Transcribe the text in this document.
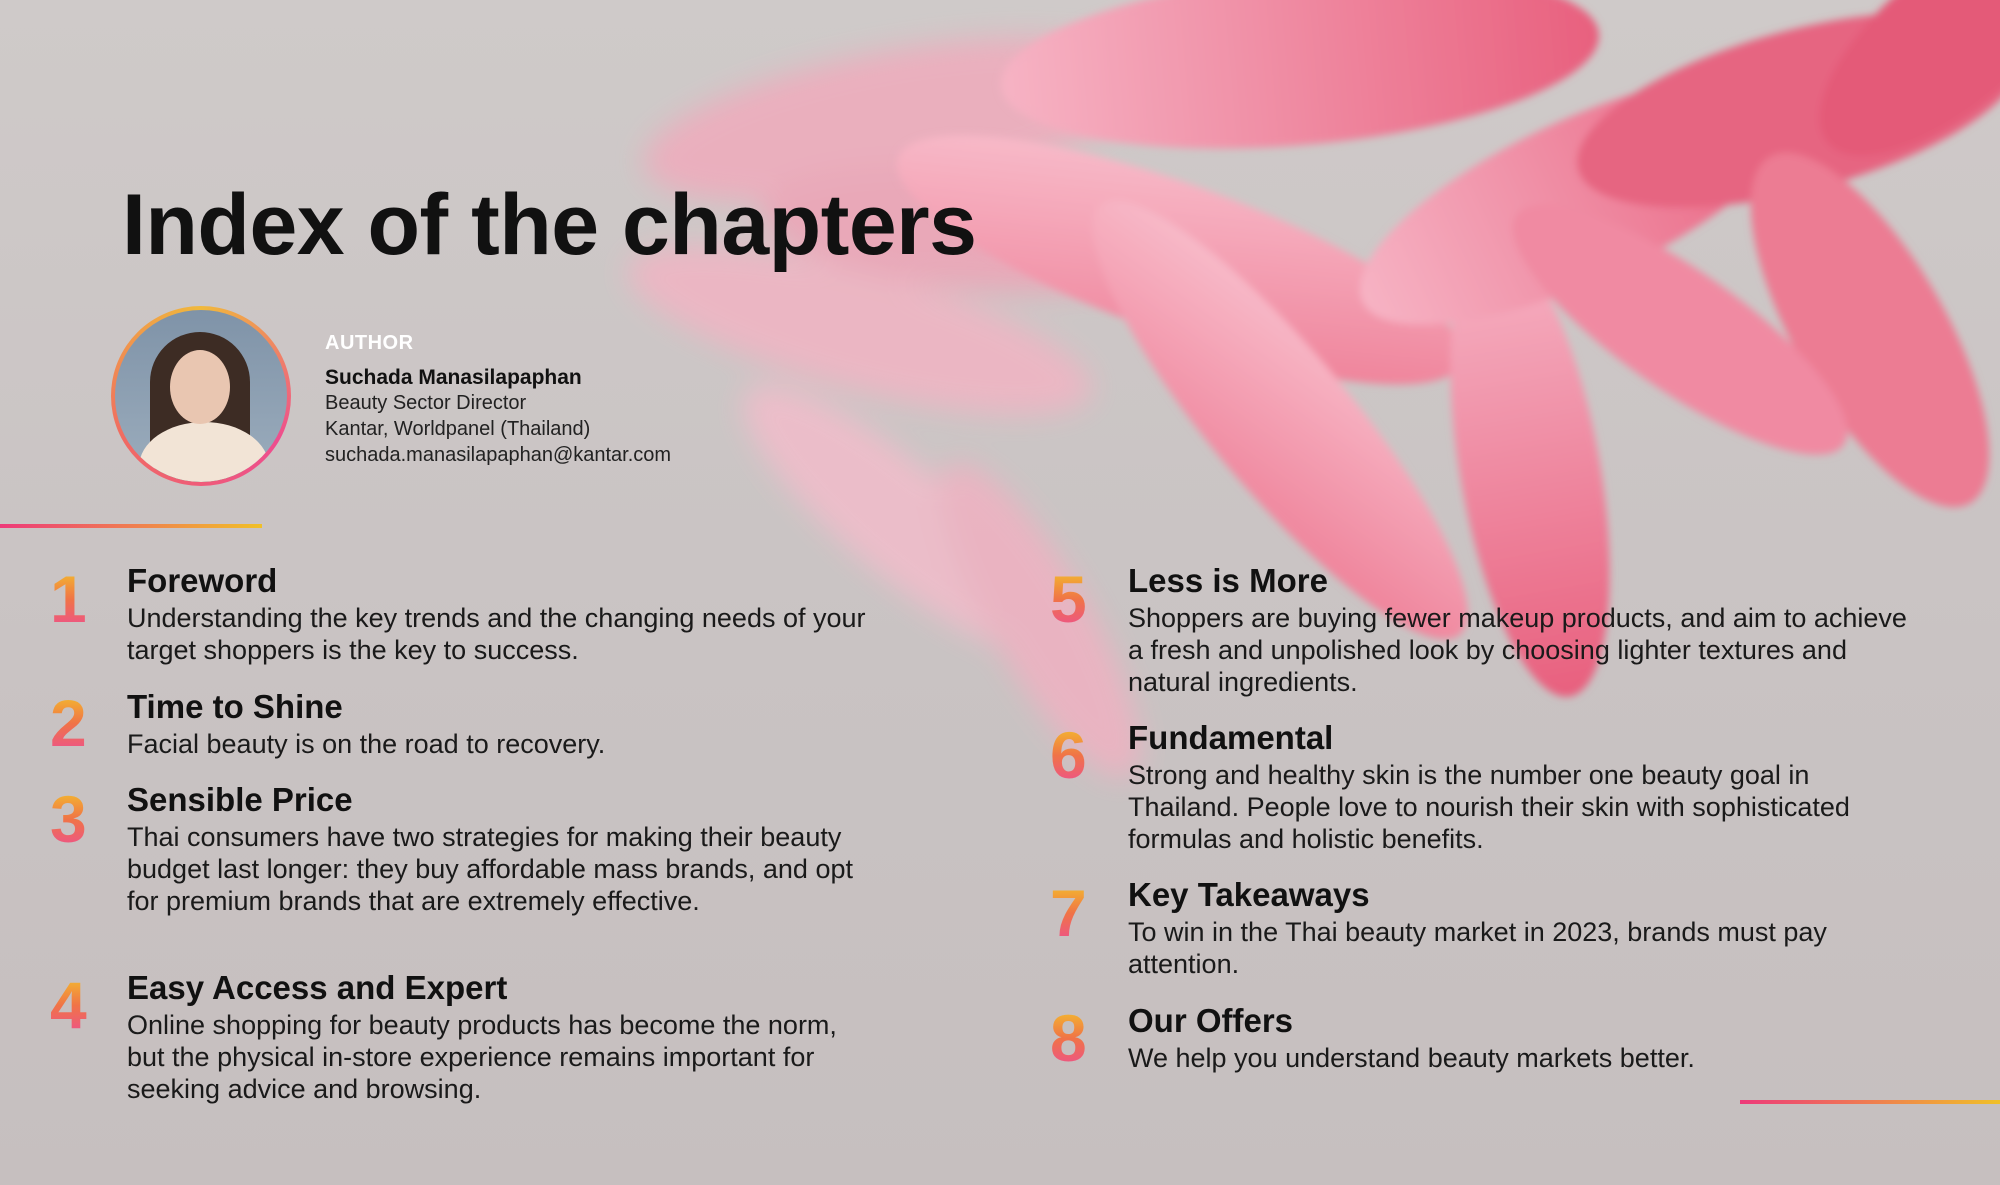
Index of the chapters
AUTHOR
Suchada Manasilapaphan
Beauty Sector Director
Kantar, Worldpanel (Thailand)
suchada.manasilapaphan@kantar.com
1 Foreword

Understanding the key trends and the changing needs of your target shoppers is the key to success.

2 Time to Shine

Facial beauty is on the road to recovery.

3 Sensible Price

Thai consumers have two strategies for making their beauty budget last longer: they buy affordable mass brands, and opt for premium brands that are extremely effective.

4 Easy Access and Expert

Online shopping for beauty products has become the norm, but the physical in-store experience remains important for seeking advice and browsing.

5 Less is More

Shoppers are buying fewer makeup products, and aim to achieve a fresh and unpolished look by choosing lighter textures and natural ingredients.

6 Fundamental

Strong and healthy skin is the number one beauty goal in Thailand. People love to nourish their skin with sophisticated formulas and holistic benefits.

7 Key Takeaways

To win in the Thai beauty market in 2023, brands must pay attention.

8 Our Offers

We help you understand beauty markets better.
